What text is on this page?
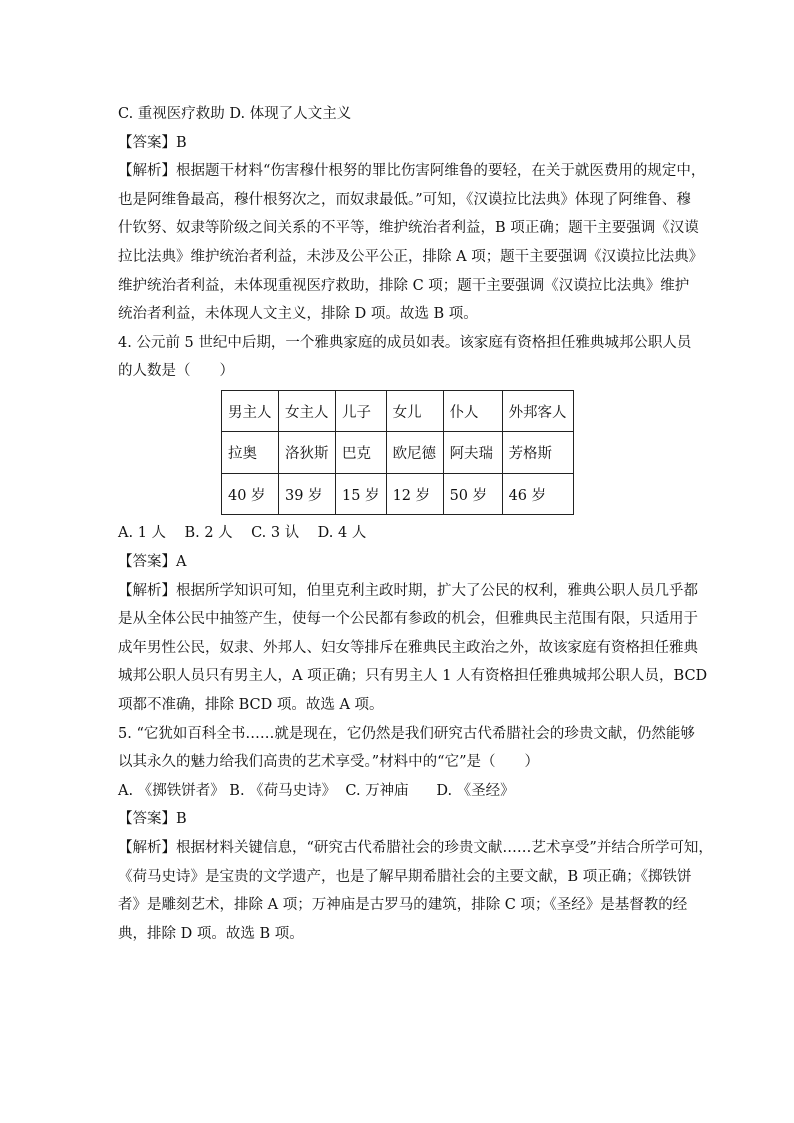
C. 重视医疗救助 D. 体现了人文主义

【答案】B

【解析】根据题干材料“伤害穆什根努的罪比伤害阿维鲁的要轻，在关于就医费用的规定中，

也是阿维鲁最高，穆什根努次之，而奴隶最低。”可知，《汉谟拉比法典》体现了阿维鲁、穆

什钦努、奴隶等阶级之间关系的不平等，维护统治者利益，B 项正确；题干主要强调《汉谟

拉比法典》维护统治者利益，未涉及公平公正，排除 A 项；题干主要强调《汉谟拉比法典》

维护统治者利益，未体现重视医疗救助，排除 C 项；题干主要强调《汉谟拉比法典》维护

统治者利益，未体现人文主义，排除 D 项。故选 B 项。

4. 公元前 5 世纪中后期，一个雅典家庭的成员如表。该家庭有资格担任雅典城邦公职人员

的人数是（　　）

男主人	女主人	儿子	女儿	仆人	外邦客人
拉奥	洛狄斯	巴克	欧尼德	阿夫瑞	芳格斯
40 岁	39 岁	15 岁	12 岁	50 岁	46 岁

A. 1 人    B. 2 人    C. 3 认    D. 4 人

【答案】A

【解析】根据所学知识可知，伯里克利主政时期，扩大了公民的权利，雅典公职人员几乎都

是从全体公民中抽签产生，使每一个公民都有参政的机会，但雅典民主范围有限，只适用于

成年男性公民，奴隶、外邦人、妇女等排斥在雅典民主政治之外，故该家庭有资格担任雅典

城邦公职人员只有男主人，A 项正确；只有男主人 1 人有资格担任雅典城邦公职人员，BCD

项都不准确，排除 BCD 项。故选 A 项。

5. “它犹如百科全书……就是现在，它仍然是我们研究古代希腊社会的珍贵文献，仍然能够

以其永久的魅力给我们高贵的艺术享受。”材料中的“它”是（　　）

A. 《掷铁饼者》 B. 《荷马史诗》  C. 万神庙      D. 《圣经》

【答案】B

【解析】根据材料关键信息，“研究古代希腊社会的珍贵文献……艺术享受”并结合所学可知，

《荷马史诗》是宝贵的文学遗产，也是了解早期希腊社会的主要文献，B 项正确；《掷铁饼

者》是雕刻艺术，排除 A 项；万神庙是古罗马的建筑，排除 C 项；《圣经》是基督教的经

典，排除 D 项。故选 B 项。
